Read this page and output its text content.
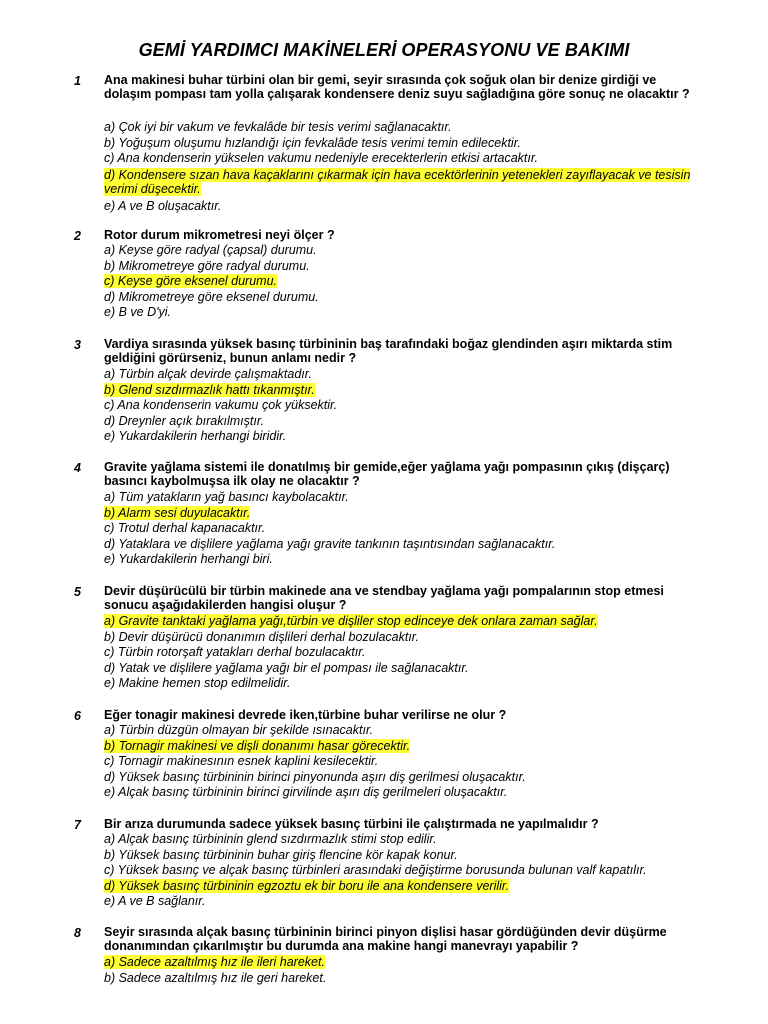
GEMİ YARDIMCI MAKİNELERİ OPERASYONU VE BAKIMI
1 Ana makinesi buhar türbini olan bir gemi, seyir sırasında çok soğuk olan bir denize girdiği ve dolaşım pompası tam yolla çalışarak kondensere deniz suyu sağladığına göre sonuç ne olacaktır ?
a) Çok iyi bir vakum ve fevkalâde bir tesis verimi sağlanacaktır.
b) Yoğuşum oluşumu hızlandığı için fevkalâde tesis verimi temin edilecektir.
c) Ana kondenserin yükselen vakumu nedeniyle erecekterlerin etkisi artacaktır.
d) Kondensere sızan hava kaçaklarını çıkarmak için hava ecektörlerinin yetenekleri zayıflayacak ve tesisin verimi düşecektir.
e) A ve B oluşacaktır.
2 Rotor durum mikrometresi neyi ölçer ?
a) Keyse göre radyal (çapsal) durumu.
b) Mikrometreye göre radyal durumu.
c) Keyse göre eksenel durumu.
d) Mikrometreye göre eksenel durumu.
e) B ve D'yi.
3 Vardiya sırasında yüksek basınç türbininin baş tarafındaki boğaz glendinden aşırı miktarda stim geldiğini görürseniz, bunun anlamı nedir ?
a) Türbin alçak devirde çalışmaktadır.
b) Glend sızdırmazlık hattı tıkanmıştır.
c) Ana kondenserin vakumu çok yüksektir.
d) Dreynler açık bırakılmıştır.
e) Yukardakilerin herhangi biridir.
4 Gravite yağlama sistemi ile donatılmış bir gemide,eğer yağlama yağı pompasının çıkış (dişçarç) basıncı kaybolmuşsa ilk olay ne olacaktır ?
a) Tüm yatakların yağ basıncı kaybolacaktır.
b) Alarm sesi duyulacaktır.
c) Trotul derhal kapanacaktır.
d) Yataklara ve dişlilere yağlama yağı gravite tankının taşıntısından sağlanacaktır.
e) Yukardakilerin herhangi biri.
5 Devir düşürücülü bir türbin makinede ana ve stendbay yağlama yağı pompalarının stop etmesi sonucu aşağıdakilerden hangisi oluşur ?
a) Gravite tanktaki yağlama yağı,türbin ve dişliler stop edinceye dek onlara zaman sağlar.
b) Devir düşürücü donanımın dişlileri derhal bozulacaktır.
c) Türbin rotorşaft yatakları derhal bozulacaktır.
d) Yatak ve dişlilere yağlama yağı bir el pompası ile sağlanacaktır.
e) Makine hemen stop edilmelidir.
6 Eğer tonagir makinesi devrede iken,türbine buhar verilirse ne olur ?
a) Türbin düzgün olmayan bir şekilde ısınacaktır.
b) Tornagir makinesi ve dişli donanımı hasar görecektir.
c) Tornagir makinesının esnek kaplini kesilecektir.
d) Yüksek basınç türbininin birinci pinyonunda aşırı diş gerilmesi oluşacaktır.
e) Alçak basınç türbininin birinci girvilinde aşırı diş gerilmeleri oluşacaktır.
7 Bir arıza durumunda sadece yüksek basınç türbini ile çalıştırmada ne yapılmalıdır ?
a) Alçak basınç türbininin glend sızdırmazlık stimi stop edilir.
b) Yüksek basınç türbininin buhar giriş flencine kör kapak konur.
c) Yüksek basınç ve alçak basınç türbinleri arasındaki değiştirme borusunda bulunan valf kapatılır.
d) Yüksek basınç türbininin egzoztu ek bir boru ile ana kondensere verilir.
e) A ve B sağlanır.
8 Seyir sırasında alçak basınç türbininin birinci pinyon dişlisi hasar gördüğünden devir düşürme donanımından çıkarılmıştır bu durumda ana makine hangi manevrayı yapabilir ?
a) Sadece azaltılmış hız ile ileri hareket.
b) Sadece azaltılmış hız ile geri hareket.
